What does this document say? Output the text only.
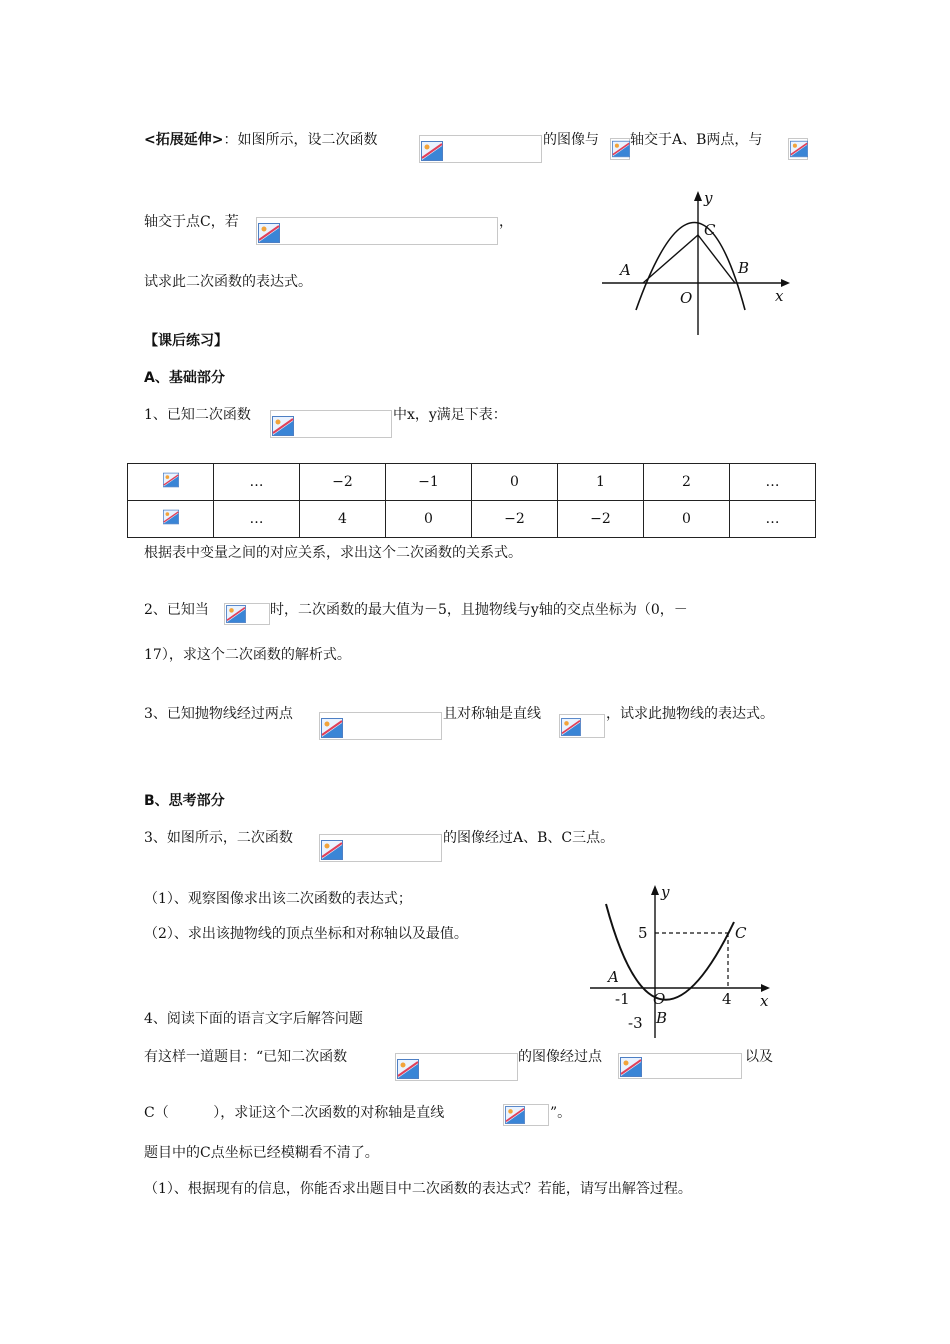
<拓展延伸>：如图所示，设二次函数	的图像与 轴交于A、B两点，与
轴交于点C，若	，
试求此二次函数的表达式。
y
C
A	B
O	x
【课后练习】
A、基础部分
1、已知二次函数	中x，y满足下表：
	…	−2	−1	0	1	2	…
	…	4	0	−2	−2	0	…
根据表中变量之间的对应关系，求出这个二次函数的关系式。
2、已知当	时，二次函数的最大值为－5，且抛物线与y轴的交点坐标为（0，－
17），求这个二次函数的解析式。
3、已知抛物线经过两点	且对称轴是直线	，试求此抛物线的表达式。
B、思考部分
3、如图所示，二次函数	的图像经过A、B、C三点。
（1）、观察图像求出该二次函数的表达式；
（2）、求出该抛物线的顶点坐标和对称轴以及最值。
y
5	C
A
-1 O	4 x
-3 B
4、阅读下面的语言文字后解答问题
有这样一道题目：“已知二次函数	的图像经过点	以及
C（          ），求证这个二次函数的对称轴是直线	”。
题目中的C点坐标已经模糊看不清了。
（1）、根据现有的信息，你能否求出题目中二次函数的表达式？若能，请写出解答过程。
